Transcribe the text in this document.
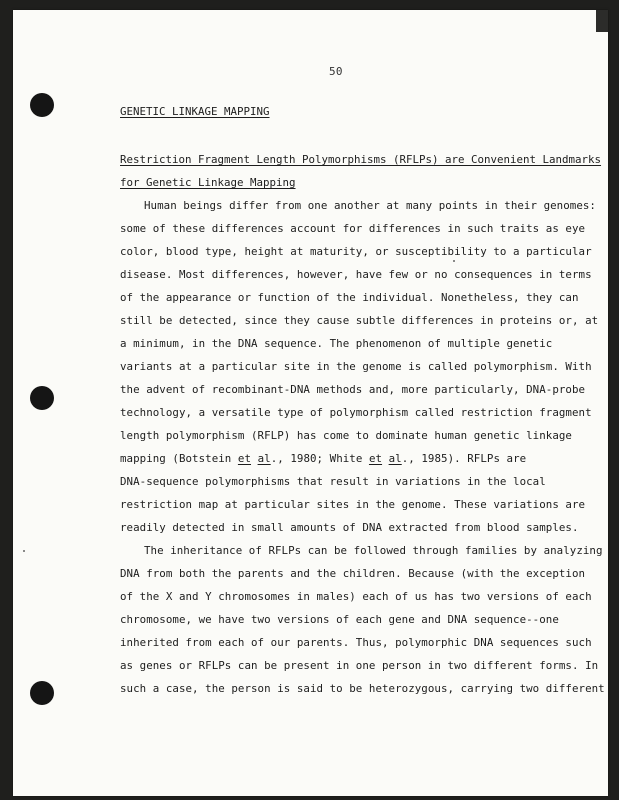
50
GENETIC LINKAGE MAPPING
Restriction Fragment Length Polymorphisms (RFLPs) are Convenient Landmarks
for Genetic Linkage Mapping
Human beings differ from one another at many points in their genomes:
some of these differences account for differences in such traits as eye
color, blood type, height at maturity, or susceptibility to a particular
disease. Most differences, however, have few or no consequences in terms
of the appearance or function of the individual. Nonetheless, they can
still be detected, since they cause subtle differences in proteins or, at
a minimum, in the DNA sequence. The phenomenon of multiple genetic
variants at a particular site in the genome is called polymorphism. With
the advent of recombinant-DNA methods and, more particularly, DNA-probe
technology, a versatile type of polymorphism called restriction fragment
length polymorphism (RFLP) has come to dominate human genetic linkage
mapping (Botstein et al., 1980; White et al., 1985). RFLPs are
DNA-sequence polymorphisms that result in variations in the local
restriction map at particular sites in the genome. These variations are
readily detected in small amounts of DNA extracted from blood samples.
The inheritance of RFLPs can be followed through families by analyzing
DNA from both the parents and the children. Because (with the exception
of the X and Y chromosomes in males) each of us has two versions of each
chromosome, we have two versions of each gene and DNA sequence--one
inherited from each of our parents. Thus, polymorphic DNA sequences such
as genes or RFLPs can be present in one person in two different forms. In
such a case, the person is said to be heterozygous, carrying two different
